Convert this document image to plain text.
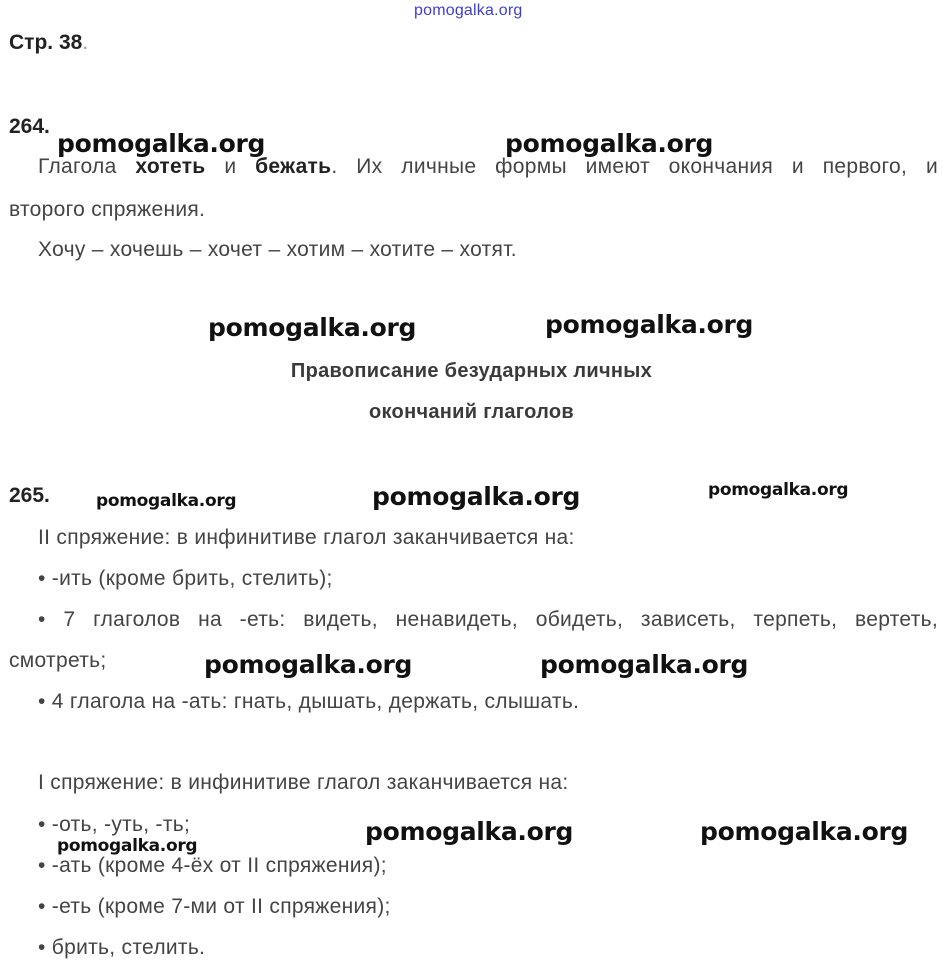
pomogalka.org
Стр. 38.
264.
Глагола хотеть и бежать. Их личные формы имеют окончания и первого, и
второго спряжения.
Хочу – хочешь – хочет – хотим – хотите – хотят.
Правописание безударных личных
окончаний глаголов
265.
II спряжение: в инфинитиве глагол заканчивается на:
• -ить (кроме брить, стелить);
• 7 глаголов на -еть: видеть, ненавидеть, обидеть, зависеть, терпеть, вертеть,
смотреть;
• 4 глагола на -ать: гнать, дышать, держать, слышать.
I спряжение: в инфинитиве глагол заканчивается на:
• -оть, -уть, -ть;
• -ать (кроме 4-ёх от II спряжения);
• -еть (кроме 7-ми от II спряжения);
• брить, стелить.
pomogalka.org	pomogalka.org
pomogalka.org	pomogalka.org
pomogalka.org	pomogalka.org	pomogalka.org
pomogalka.org	pomogalka.org
pomogalka.org	pomogalka.org	pomogalka.org
